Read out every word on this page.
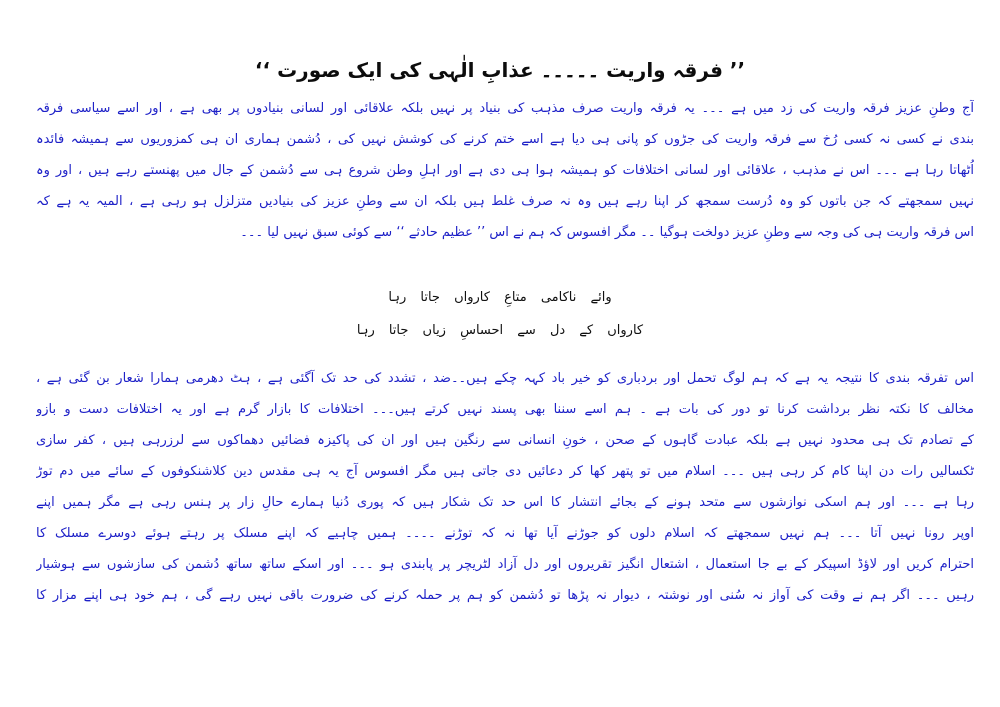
’’ فرقہ واریت ۔۔۔۔۔ عذابِ الٰہی کی ایک صورت ‘‘
آج وطنِ عزیز فرقہ واریت کی زد میں ہے ۔۔۔ یہ فرقہ واریت صرف مذہب کی بنیاد پر نہیں بلکہ علاقائی اور لسانی بنیادوں پر بھی ہے ، اور اسے سیاسی فرقہ
بندی نے کسی نہ کسی رُخ سے فرقہ واریت کی جڑوں کو پانی ہی دیا ہے اسے ختم کرنے کی کوشش نہیں کی ، دُشمن ہماری ان ہی کمزوریوں سے ہمیشہ فائدہ
اُٹھاتا رہا ہے ۔۔۔ اس نے مذہب ، علاقائی اور لسانی اختلافات کو ہمیشہ ہوا ہی دی ہے اور اہلِ وطن شروع ہی سے دُشمن کے جال میں پھنستے رہے ہیں ، اور وہ
نہیں سمجھتے کہ جن باتوں کو وہ دُرست سمجھ کر اپنا رہے ہیں وہ نہ صرف غلط ہیں بلکہ ان سے وطنِ عزیز کی بنیادیں متزلزل ہو رہی ہے ، المیہ یہ ہے کہ
اس فرقہ واریت ہی کی وجہ سے وطنِ عزیز دولخت ہوگیا ۔۔ مگر افسوس کہ ہم نے اس ’’ عظیم حادثے ‘‘ سے کوئی سبق نہیں لیا ۔۔۔
وائے ناکامی متاعِ کارواں جاتا رہا
کارواں کے دل سے احساسِ زیاں جاتا رہا
اس تفرقہ بندی کا نتیجہ یہ ہے کہ ہم لوگ تحمل اور بردباری کو خیر باد کہہ چکے ہیں۔۔ضد ، تشدد کی حد تک آگئی ہے ، ہٹ دھرمی ہمارا شعار بن گئی ہے ،
مخالف کا نکتہ نظر برداشت کرنا تو دور کی بات ہے ۔ ہم اسے سننا بھی پسند نہیں کرتے ہیں۔۔۔ اختلافات کا بازار گرم ہے اور یہ اختلافات دست و بازو
کے تصادم تک ہی محدود نہیں ہے بلکہ عبادت گاہوں کے صحن ، خونِ انسانی سے رنگین ہیں اور ان کی پاکیزہ فضائیں دھماکوں سے لرزرہی ہیں ، کفر سازی
ٹکسالیں رات دن اپنا کام کر رہی ہیں ۔۔۔ اسلام میں تو پتھر کھا کر دعائیں دی جاتی ہیں مگر افسوس آج یہ ہی مقدس دین کلاشنکوفوں کے سائے میں دم توڑ
رہا ہے ۔۔۔ اور ہم اسکی نوازشوں سے متحد ہونے کے بجائے انتشار کا اس حد تک شکار ہیں کہ پوری دُنیا ہمارے حالِ زار پر ہنس رہی ہے مگر ہمیں اپنے
اوپر رونا نہیں آتا ۔۔۔ ہم نہیں سمجھتے کہ اسلام دلوں کو جوڑنے آیا تھا نہ کہ توڑنے ۔۔۔۔ ہمیں چاہیے کہ اپنے مسلک پر رہتے ہوئے دوسرے مسلک کا
احترام کریں اور لاؤڈ اسپیکر کے بے جا استعمال ، اشتعال انگیز تقریروں اور دل آزاد لٹریچر پر پابندی ہو ۔۔۔ اور اسکے ساتھ ساتھ دُشمن کی سازشوں سے ہوشیار
رہیں ۔۔۔ اگر ہم نے وقت کی آواز نہ سُنی اور نوشتہ ، دیوار نہ پڑھا تو دُشمن کو ہم پر حملہ کرنے کی ضرورت باقی نہیں رہے گی ، ہم خود ہی اپنے مزار کا
